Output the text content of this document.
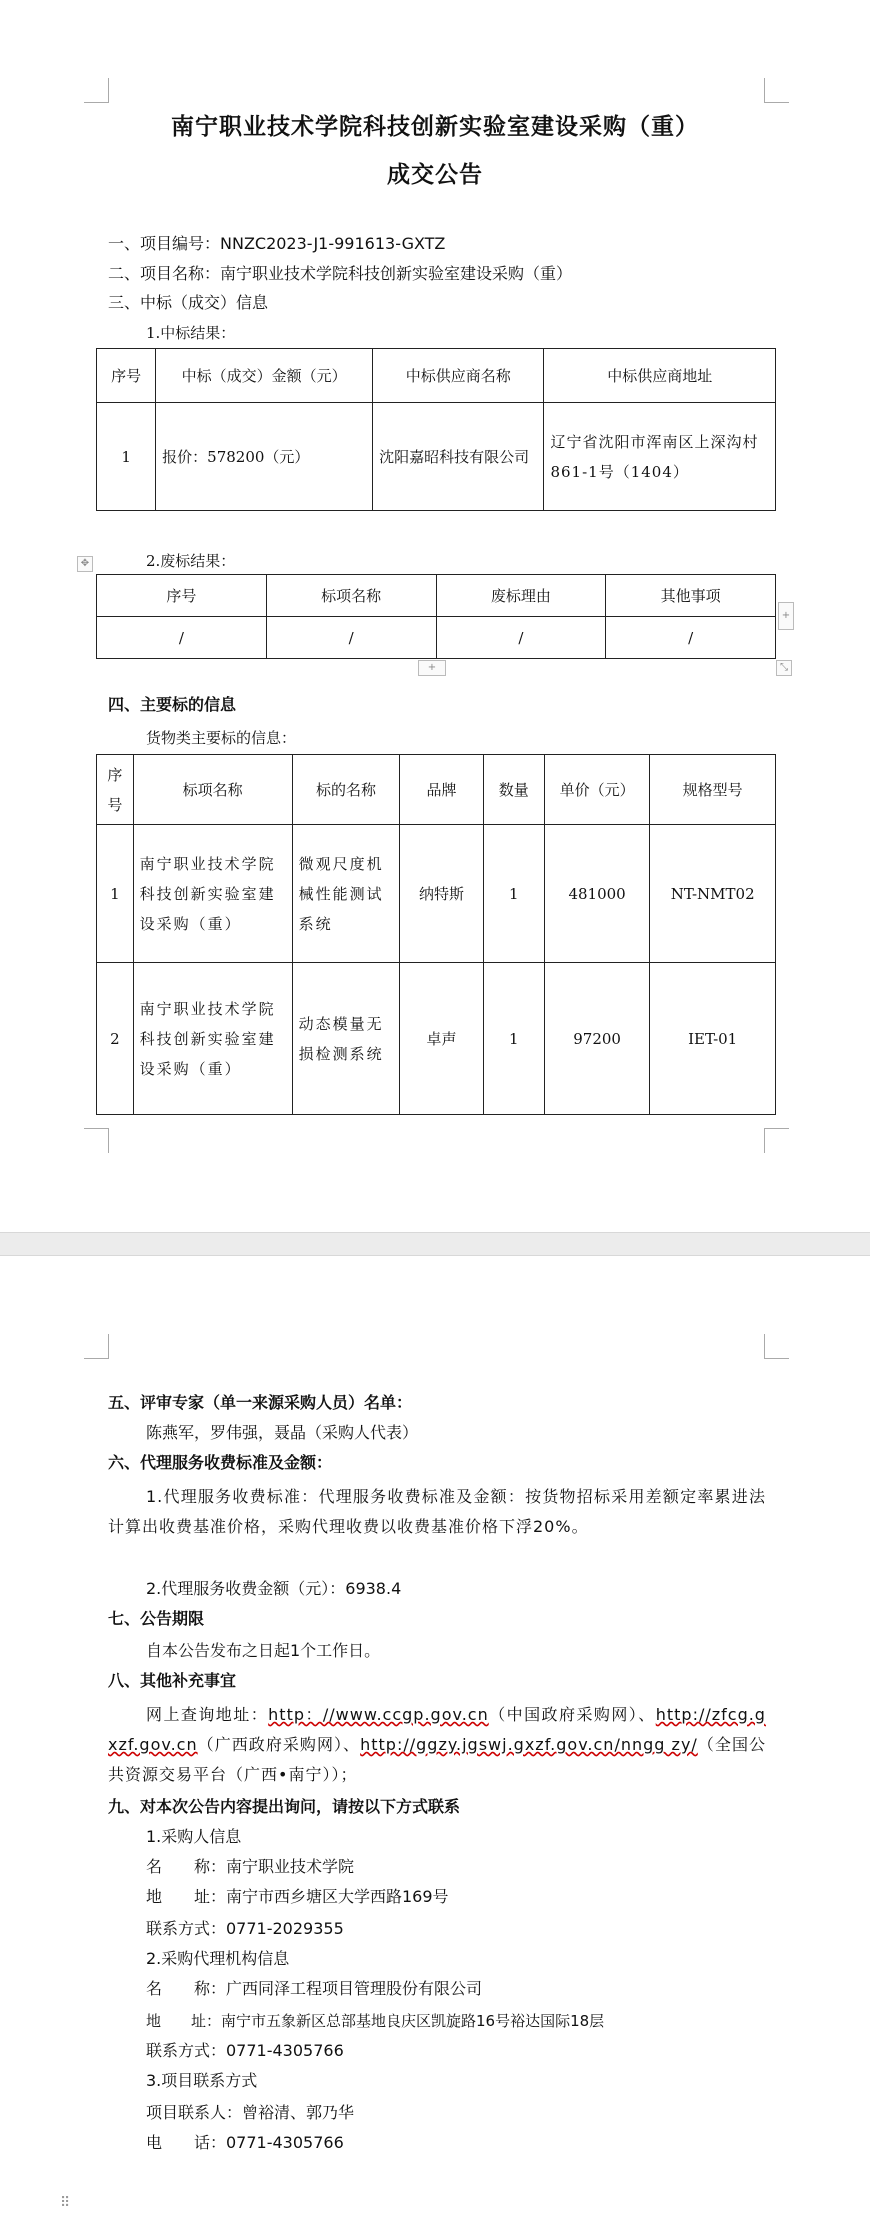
南宁职业技术学院科技创新实验室建设采购（重）
成交公告
一、项目编号：NNZC2023-J1-991613-GXTZ
二、项目名称：南宁职业技术学院科技创新实验室建设采购（重）
三、中标（成交）信息
1.中标结果：
序号	中标（成交）金额（元）	中标供应商名称	中标供应商地址
1	报价：578200（元）	沈阳嘉昭科技有限公司	辽宁省沈阳市浑南区上深沟村861-1号（1404）
✥	2.废标结果：
序号	标项名称	废标理由	其他事项
/	/	/	/
+
+	⤡
四、主要标的信息
货物类主要标的信息：
序号	标项名称	标的名称	品牌	数量	单价（元）	规格型号
1	南宁职业技术学院科技创新实验室建设采购（重）	微观尺度机械性能测试系统	纳特斯	1	481000	NT-NMT02
2	南宁职业技术学院科技创新实验室建设采购（重）	动态模量无损检测系统	卓声	1	97200	IET-01
五、评审专家（单一来源采购人员）名单：
陈燕军，罗伟强，聂晶（采购人代表）
六、代理服务收费标准及金额：
1.代理服务收费标准：代理服务收费标准及金额：按货物招标采用差额定率累进法计算出收费基准价格，采购代理收费以收费基准价格下浮20%。
2.代理服务收费金额（元）：6938.4
七、公告期限
自本公告发布之日起1个工作日。
八、其他补充事宜
网上查询地址：http：//www.ccgp.gov.cn（中国政府采购网）、http://zfcg.gxzf.gov.cn（广西政府采购网）、http://ggzy.jgswj.gxzf.gov.cn/nngg zy/（全国公共资源交易平台（广西•南宁））；
九、对本次公告内容提出询问，请按以下方式联系
1.采购人信息
名　　称：南宁职业技术学院
地　　址：南宁市西乡塘区大学西路169号
联系方式：0771-2029355
2.采购代理机构信息
名　　称：广西同泽工程项目管理股份有限公司
地　　址：南宁市五象新区总部基地良庆区凯旋路16号裕达国际18层
联系方式：0771-4305766
3.项目联系方式
项目联系人：曾裕清、郭乃华
电　　话：0771-4305766
⠿
